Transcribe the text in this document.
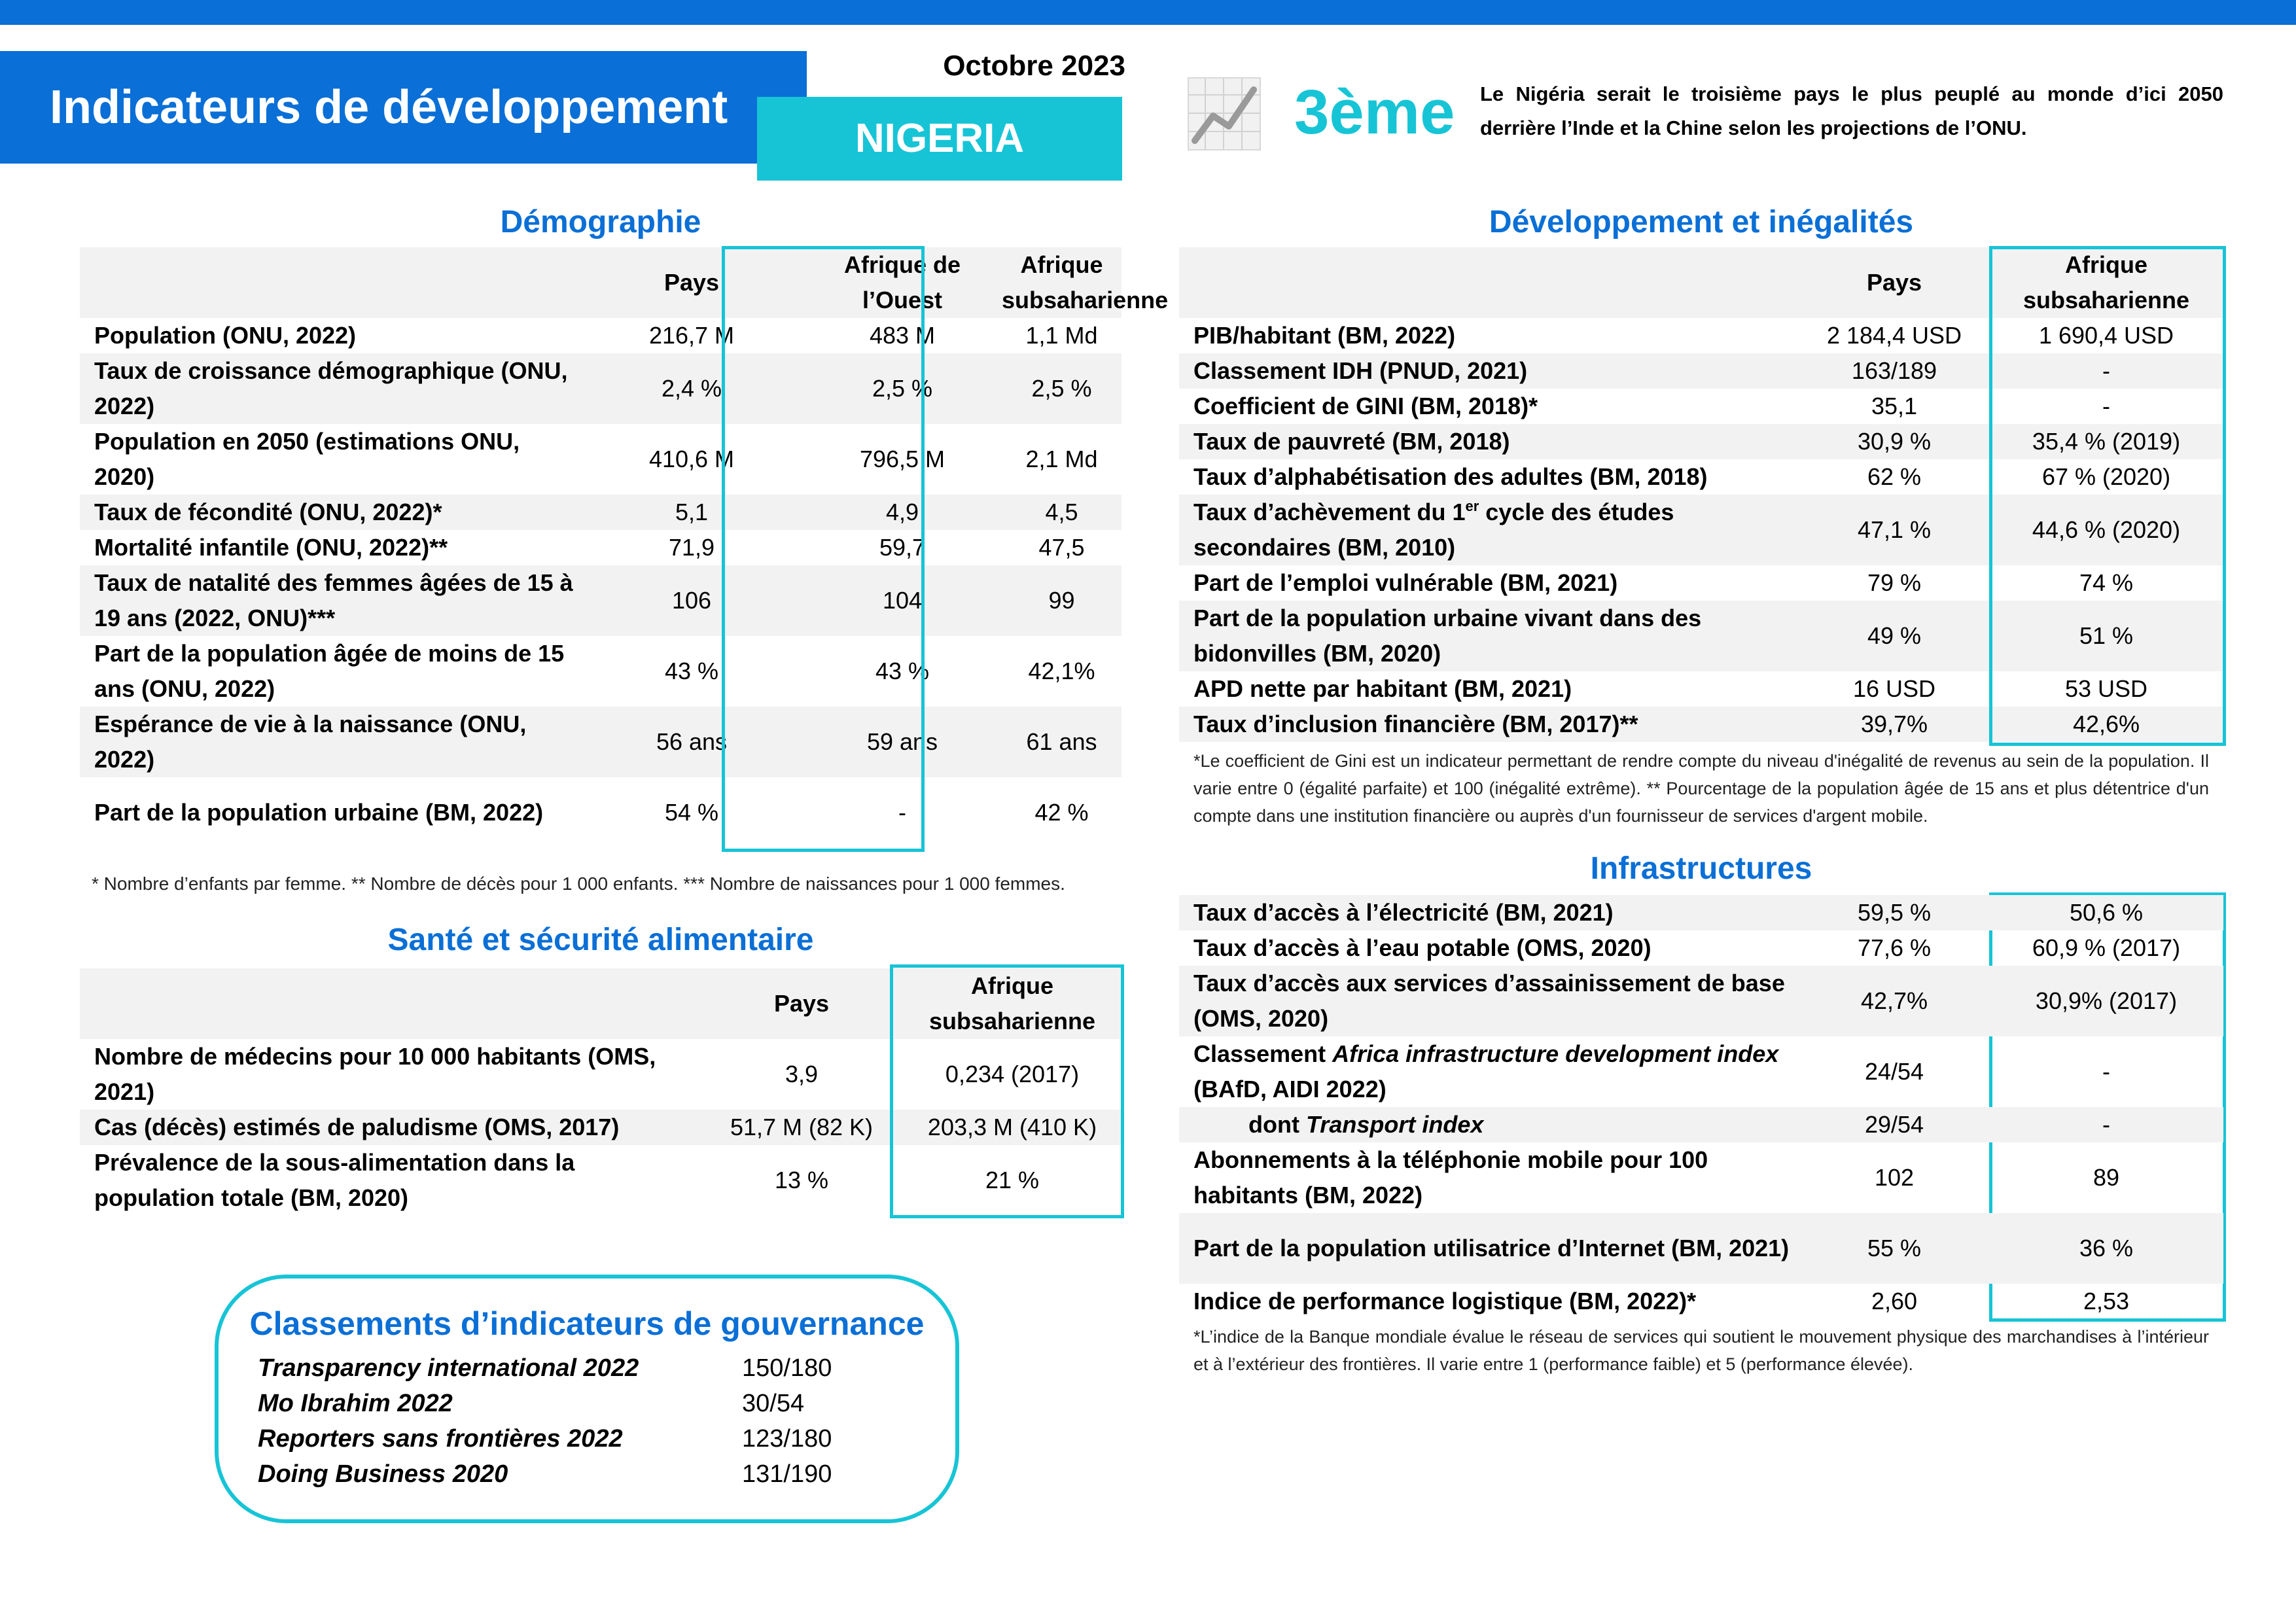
Indicateurs de développement
Octobre 2023
NIGERIA	3ème Le Nigéria serait le troisième pays le plus peuplé au monde d’ici 2050 derrière l’Inde et la Chine selon les projections de l’ONU.
Démographie
	Pays	Afrique de l’Ouest	Afrique subsaharienne
Population (ONU, 2022)	216,7 M	483 M	1,1 Md
Taux de croissance démographique (ONU, 2022)	2,4 %	2,5 %	2,5 %
Population en 2050 (estimations ONU, 2020)	410,6 M	796,5 M	2,1 Md
Taux de fécondité (ONU, 2022)*	5,1	4,9	4,5
Mortalité infantile (ONU, 2022)**	71,9	59,7	47,5
Taux de natalité des femmes âgées de 15 à 19 ans (2022, ONU)***	106	104	99
Part de la population âgée de moins de 15 ans (ONU, 2022)	43 %	43 %	42,1%
Espérance de vie à la naissance (ONU, 2022)	56 ans	59 ans	61 ans
Part de la population urbaine (BM, 2022)	54 %	-	42 %
* Nombre d’enfants par femme. ** Nombre de décès pour 1 000 enfants. *** Nombre de naissances pour 1 000 femmes.
Santé et sécurité alimentaire
	Pays	Afrique subsaharienne
Nombre de médecins pour 10 000 habitants (OMS, 2021)	3,9	0,234 (2017)
Cas (décès) estimés de paludisme (OMS, 2017)	51,7 M (82 K)	203,3 M (410 K)
Prévalence de la sous-alimentation dans la population totale (BM, 2020)	13 %	21 %
Classements d’indicateurs de gouvernance
Transparency international 2022	150/180
Mo Ibrahim 2022	30/54
Reporters sans frontières 2022	123/180
Doing Business 2020	131/190
Développement et inégalités
	Pays	Afrique subsaharienne
PIB/habitant (BM, 2022)	2 184,4 USD	1 690,4 USD
Classement IDH (PNUD, 2021)	163/189	-
Coefficient de GINI (BM, 2018)*	35,1	-
Taux de pauvreté (BM, 2018)	30,9 %	35,4 % (2019)
Taux d’alphabétisation des adultes (BM, 2018)	62 %	67 % (2020)
Taux d’achèvement du 1er cycle des études secondaires (BM, 2010)	47,1 %	44,6 % (2020)
Part de l’emploi vulnérable (BM, 2021)	79 %	74 %
Part de la population urbaine vivant dans des bidonvilles (BM, 2020)	49 %	51 %
APD nette par habitant (BM, 2021)	16 USD	53 USD
Taux d’inclusion financière (BM, 2017)**	39,7%	42,6%
*Le coefficient de Gini est un indicateur permettant de rendre compte du niveau d'inégalité de revenus au sein de la population. Il varie entre 0 (égalité parfaite) et 100 (inégalité extrême). ** Pourcentage de la population âgée de 15 ans et plus détentrice d'un compte dans une institution financière ou auprès d'un fournisseur de services d'argent mobile.
Infrastructures
Taux d’accès à l’électricité (BM, 2021)	59,5 %	50,6 %
Taux d’accès à l’eau potable (OMS, 2020)	77,6 %	60,9 % (2017)
Taux d’accès aux services d’assainissement de base (OMS, 2020)	42,7%	30,9% (2017)
Classement Africa infrastructure development index (BAfD, AIDI 2022)	24/54	-
dont Transport index	29/54	-
Abonnements à la téléphonie mobile pour 100 habitants (BM, 2022)	102	89
Part de la population utilisatrice d’Internet (BM, 2021)	55 %	36 %
Indice de performance logistique (BM, 2022)*	2,60	2,53
*L’indice de la Banque mondiale évalue le réseau de services qui soutient le mouvement physique des marchandises à l’intérieur et à l’extérieur des frontières. Il varie entre 1 (performance faible) et 5 (performance élevée).
